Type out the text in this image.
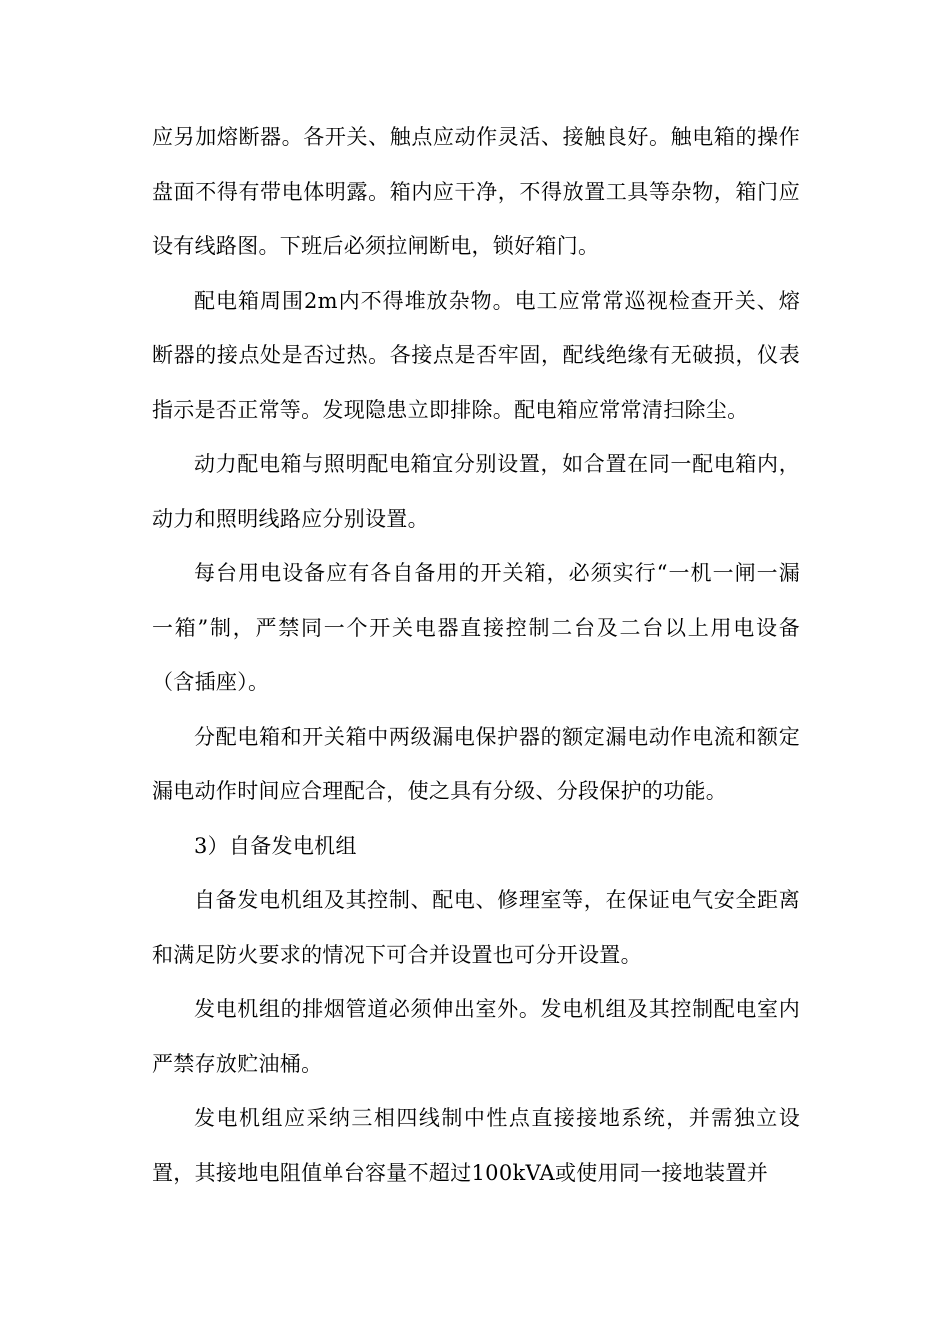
应另加熔断器。各开关、触点应动作灵活、接触良好。触电箱的操作盘面不得有带电体明露。箱内应干净，不得放置工具等杂物，箱门应设有线路图。下班后必须拉闸断电，锁好箱门。

配电箱周围2m内不得堆放杂物。电工应常常巡视检查开关、熔断器的接点处是否过热。各接点是否牢固，配线绝缘有无破损，仪表指示是否正常等。发现隐患立即排除。配电箱应常常清扫除尘。

动力配电箱与照明配电箱宜分别设置，如合置在同一配电箱内，动力和照明线路应分别设置。

每台用电设备应有各自备用的开关箱，必须实行“一机一闸一漏一箱”制，严禁同一个开关电器直接控制二台及二台以上用电设备（含插座）。

分配电箱和开关箱中两级漏电保护器的额定漏电动作电流和额定漏电动作时间应合理配合，使之具有分级、分段保护的功能。

3）自备发电机组

自备发电机组及其控制、配电、修理室等，在保证电气安全距离和满足防火要求的情况下可合并设置也可分开设置。

发电机组的排烟管道必须伸出室外。发电机组及其控制配电室内严禁存放贮油桶。

发电机组应采纳三相四线制中性点直接接地系统，并需独立设置，其接地电阻值单台容量不超过100kVA或使用同一接地装置并
